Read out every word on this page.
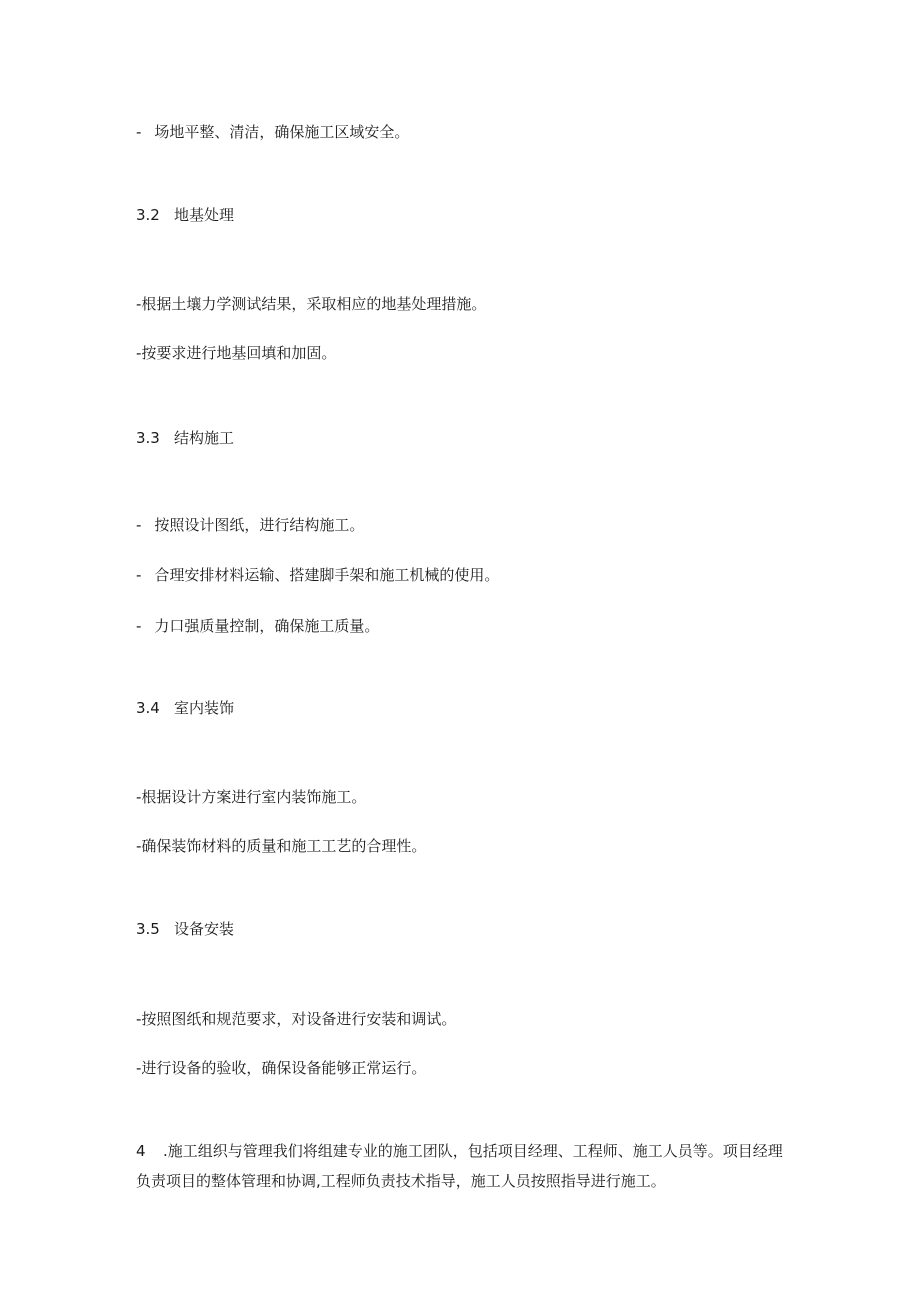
- 场地平整、清洁，确保施工区域安全。
3.2 地基处理
-根据土壤力学测试结果，采取相应的地基处理措施。
-按要求进行地基回填和加固。
3.3 结构施工
- 按照设计图纸，进行结构施工。
- 合理安排材料运输、搭建脚手架和施工机械的使用。
- 力口强质量控制，确保施工质量。
3.4 室内装饰
-根据设计方案进行室内装饰施工。
-确保装饰材料的质量和施工工艺的合理性。
3.5 设备安装
-按照图纸和规范要求，对设备进行安装和调试。
-进行设备的验收，确保设备能够正常运行。
4 .施工组织与管理我们将组建专业的施工团队，包括项目经理、工程师、施工人员等。项目经理负责项目的整体管理和协调,工程师负责技术指导，施工人员按照指导进行施工。
